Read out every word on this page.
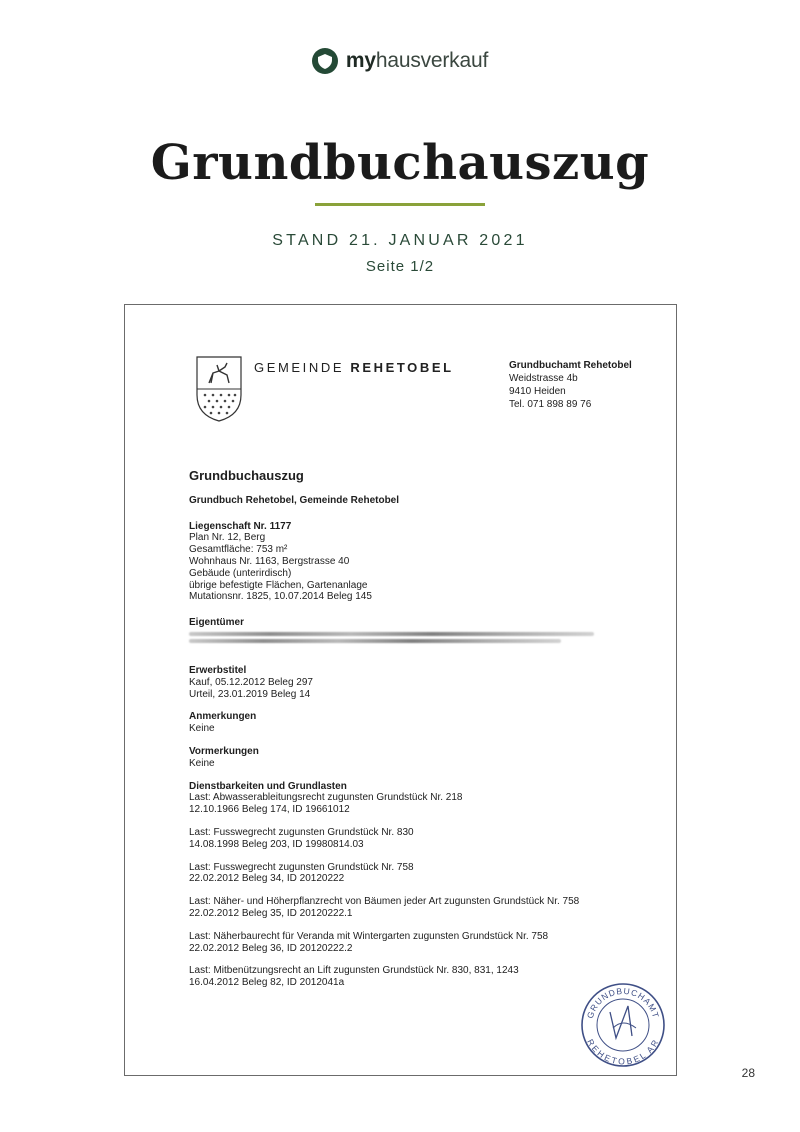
myhausverkauf
Grundbuchauszug
STAND 21. JANUAR 2021
Seite 1/2
GEMEINDE REHETOBEL	Grundbuchamt Rehetobel
Weidstrasse 4b
9410 Heiden
Tel. 071 898 89 76
Grundbuchauszug
Grundbuch Rehetobel, Gemeinde Rehetobel
Liegenschaft Nr. 1177
Plan Nr. 12, Berg
Gesamtfläche: 753 m²
Wohnhaus Nr. 1163, Bergstrasse 40
Gebäude (unterirdisch)
übrige befestigte Flächen, Gartenanlage
Mutationsnr. 1825, 10.07.2014 Beleg 145
Eigentümer
Erwerbstitel
Kauf, 05.12.2012 Beleg 297
Urteil, 23.01.2019 Beleg 14
Anmerkungen
Keine
Vormerkungen
Keine
Dienstbarkeiten und Grundlasten
Last: Abwasserableitungsrecht zugunsten Grundstück Nr. 218
12.10.1966 Beleg 174, ID 19661012
Last: Fusswegrecht zugunsten Grundstück Nr. 830
14.08.1998 Beleg 203, ID 19980814.03
Last: Fusswegrecht zugunsten Grundstück Nr. 758
22.02.2012 Beleg 34, ID 20120222
Last: Näher- und Höherpflanzrecht von Bäumen jeder Art zugunsten Grundstück Nr. 758
22.02.2012 Beleg 35, ID 20120222.1
Last: Näherbaurecht für Veranda mit Wintergarten zugunsten Grundstück Nr. 758
22.02.2012 Beleg 36, ID 20120222.2
Last: Mitbenützungsrecht an Lift zugunsten Grundstück Nr. 830, 831, 1243
16.04.2012 Beleg 82, ID 2012041a
GRUNDBUCHAMT
REHETOBEL AR
28
